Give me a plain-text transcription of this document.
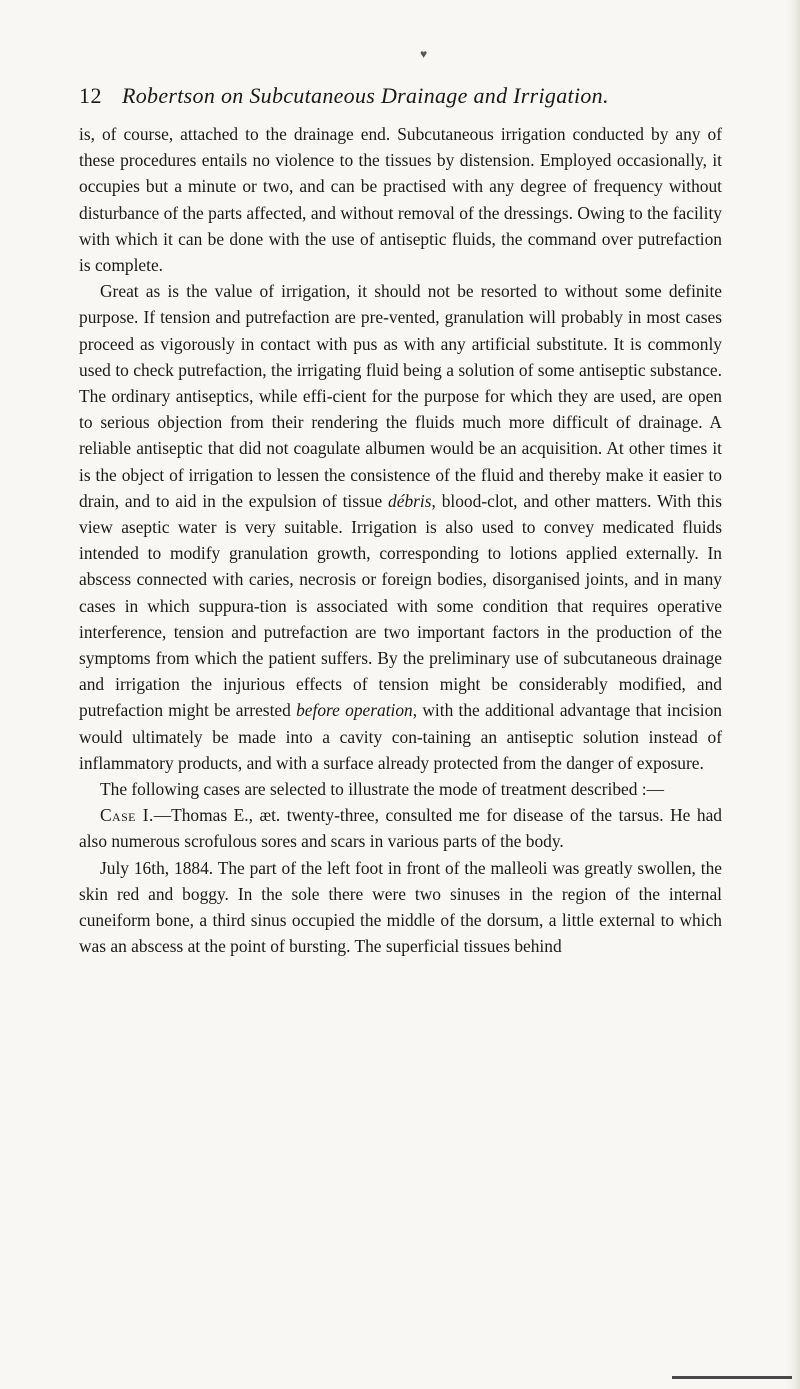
♥
12 Robertson on Subcutaneous Drainage and Irrigation.

is, of course, attached to the drainage end. Subcutaneous irrigation conducted by any of these procedures entails no violence to the tissues by distension. Employed occasionally, it occupies but a minute or two, and can be practised with any degree of frequency without disturbance of the parts affected, and without removal of the dressings. Owing to the facility with which it can be done with the use of antiseptic fluids, the command over putrefaction is complete.

Great as is the value of irrigation, it should not be resorted to without some definite purpose. If tension and putrefaction are pre-vented, granulation will probably in most cases proceed as vigorously in contact with pus as with any artificial substitute. It is commonly used to check putrefaction, the irrigating fluid being a solution of some antiseptic substance. The ordinary antiseptics, while effi-cient for the purpose for which they are used, are open to serious objection from their rendering the fluids much more difficult of drainage. A reliable antiseptic that did not coagulate albumen would be an acquisition. At other times it is the object of irrigation to lessen the consistence of the fluid and thereby make it easier to drain, and to aid in the expulsion of tissue débris, blood-clot, and other matters. With this view aseptic water is very suitable. Irrigation is also used to convey medicated fluids intended to modify granulation growth, corresponding to lotions applied externally. In abscess connected with caries, necrosis or foreign bodies, disorganised joints, and in many cases in which suppura-tion is associated with some condition that requires operative interference, tension and putrefaction are two important factors in the production of the symptoms from which the patient suffers. By the preliminary use of subcutaneous drainage and irrigation the injurious effects of tension might be considerably modified, and putrefaction might be arrested before operation, with the additional advantage that incision would ultimately be made into a cavity con-taining an antiseptic solution instead of inflammatory products, and with a surface already protected from the danger of exposure.

The following cases are selected to illustrate the mode of treatment described :—

Case I.—Thomas E., æt. twenty-three, consulted me for disease of the tarsus. He had also numerous scrofulous sores and scars in various parts of the body.

July 16th, 1884. The part of the left foot in front of the malleoli was greatly swollen, the skin red and boggy. In the sole there were two sinuses in the region of the internal cuneiform bone, a third sinus occupied the middle of the dorsum, a little external to which was an abscess at the point of bursting. The superficial tissues behind
